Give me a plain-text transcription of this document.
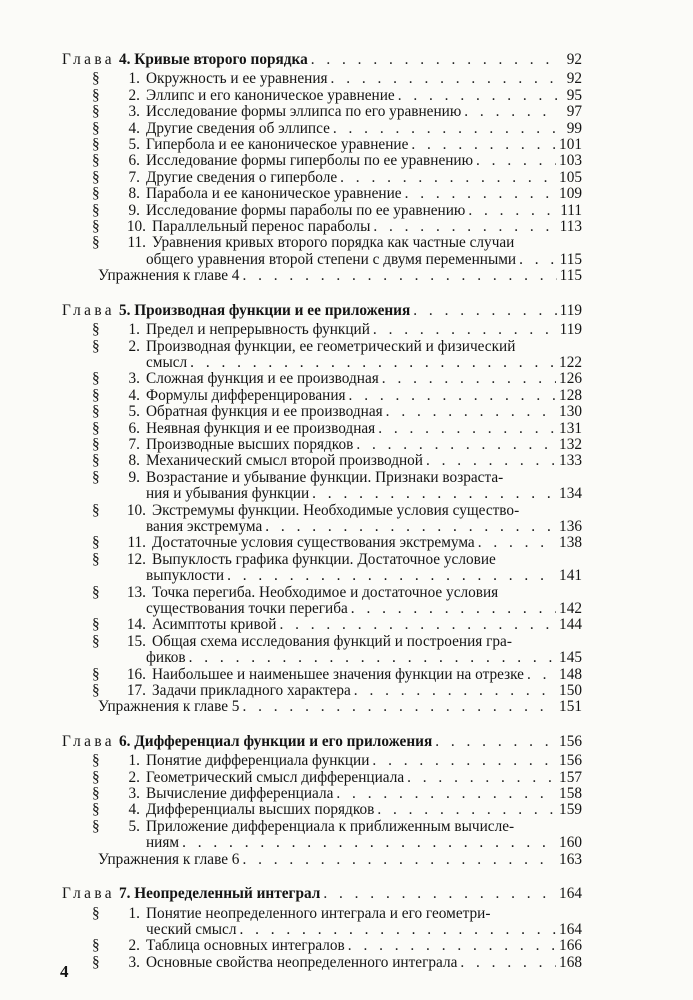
Глава 4. Кривые второго порядка . . .	92
§	1. Окружность и ее уравнения . . .	92
§	2. Эллипс и его каноническое уравнение . . .	95
§	3. Исследование формы эллипса по его уравнению . . .	97
§	4. Другие сведения об эллипсе . . .	99
§	5. Гипербола и ее каноническое уравнение . . .	101
§	6. Исследование формы гиперболы по ее уравнению . . .	103
§	7. Другие сведения о гиперболе . . .	105
§	8. Парабола и ее каноническое уравнение . . .	109
§	9. Исследование формы параболы по ее уравнению . . .	111
§	10. Параллельный перенос параболы . . .	113
§	11. Уравнения кривых второго порядка как частные случаи
общего уравнения второй степени с двумя переменными . . .	115
Упражнения к главе 4 . . .	115
Глава 5. Производная функции и ее приложения . . .	119
§	1. Предел и непрерывность функций . . .	119
§	2. Производная функции, ее геометрический и физический
смысл . . .	122
§	3. Сложная функция и ее производная . . .	126
§	4. Формулы дифференцирования . . .	128
§	5. Обратная функция и ее производная . . .	130
§	6. Неявная функция и ее производная . . .	131
§	7. Производные высших порядков . . .	132
§	8. Механический смысл второй производной . . .	133
§	9. Возрастание и убывание функции. Признаки возраста-
ния и убывания функции . . .	134
§	10. Экстремумы функции. Необходимые условия существо-
вания экстремума . . .	136
§	11. Достаточные условия существования экстремума . . .	138
§	12. Выпуклость графика функции. Достаточное условие
выпуклости . . .	141
§	13. Точка перегиба. Необходимое и достаточное условия
существования точки перегиба . . .	142
§	14. Асимптоты кривой . . .	144
§	15. Общая схема исследования функций и построения гра-
фиков . . .	145
§	16. Наибольшее и наименьшее значения функции на отрезке . . . 148
§	17. Задачи прикладного характера . . .	150
Упражнения к главе 5 . . .	151
Глава 6. Дифференциал функции и его приложения . . .	156
§	1. Понятие дифференциала функции . . .	156
§	2. Геометрический смысл дифференциала . . .	157
§	3. Вычисление дифференциала . . .	158
§	4. Дифференциалы высших порядков . . .	159
§	5. Приложение дифференциала к приближенным вычисле-
ниям . . .	160
Упражнения к главе 6 . . .	163
Глава 7. Неопределенный интеграл . . .	164
§	1. Понятие неопределенного интеграла и его геометри-
ческий смысл . . .	164
§	2. Таблица основных интегралов . . .	166
§	3. Основные свойства неопределенного интеграла . . .	168
4
